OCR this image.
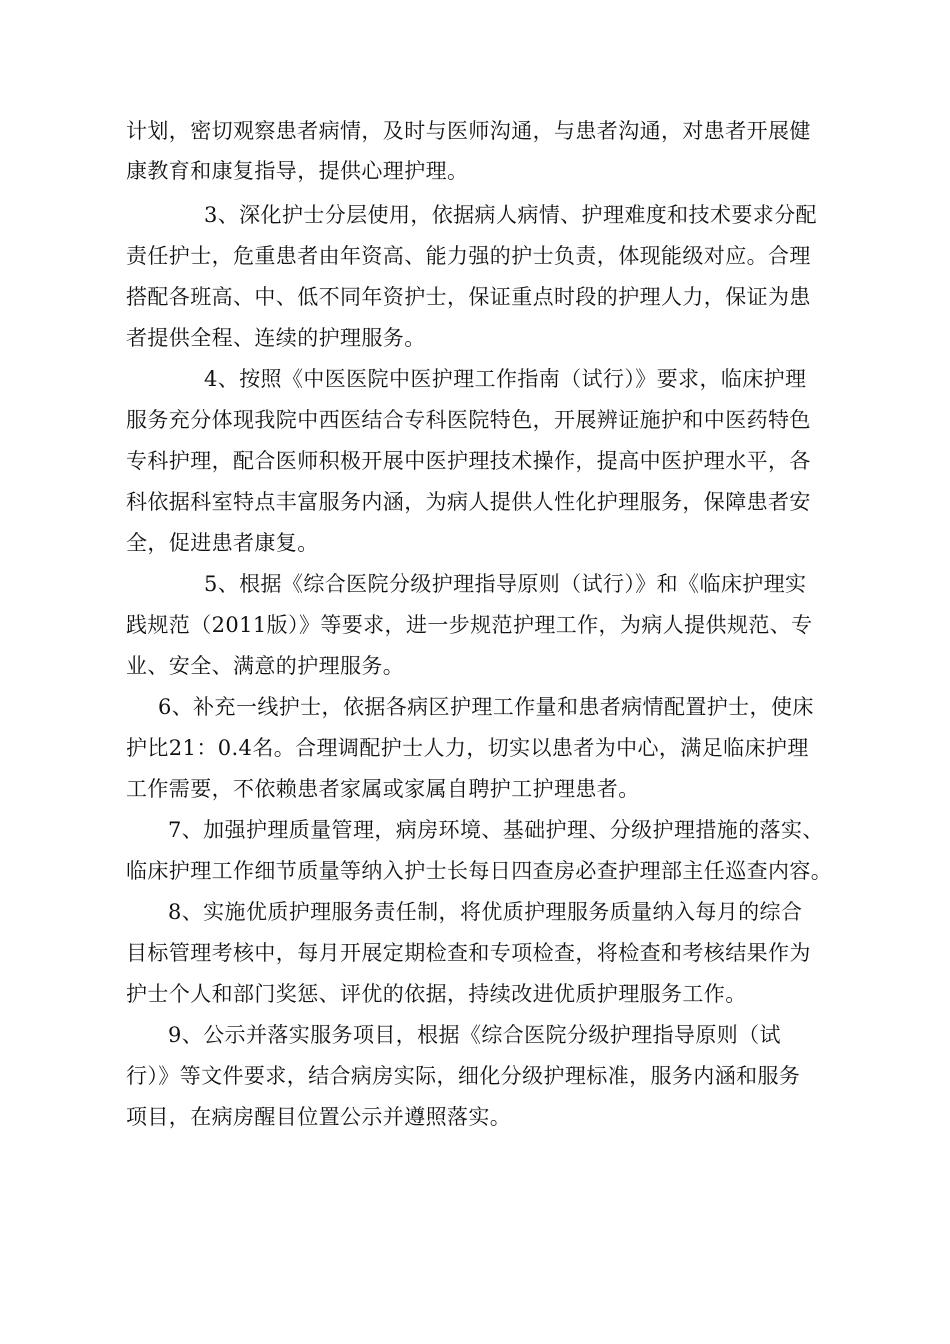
计划，密切观察患者病情，及时与医师沟通，与患者沟通，对患者开展健
康教育和康复指导，提供心理护理。
3、深化护士分层使用，依据病人病情、护理难度和技术要求分配
责任护士，危重患者由年资高、能力强的护士负责，体现能级对应。合理
搭配各班高、中、低不同年资护士，保证重点时段的护理人力，保证为患
者提供全程、连续的护理服务。
4、按照《中医医院中医护理工作指南（试行）》要求，临床护理
服务充分体现我院中西医结合专科医院特色，开展辨证施护和中医药特色
专科护理，配合医师积极开展中医护理技术操作，提高中医护理水平，各
科依据科室特点丰富服务内涵，为病人提供人性化护理服务，保障患者安
全，促进患者康复。
5、根据《综合医院分级护理指导原则（试行）》和《临床护理实
践规范（2011版）》等要求，进一步规范护理工作，为病人提供规范、专
业、安全、满意的护理服务。
6、补充一线护士，依据各病区护理工作量和患者病情配置护士，使床
护比21：0.4名。合理调配护士人力，切实以患者为中心，满足临床护理
工作需要，不依赖患者家属或家属自聘护工护理患者。
7、加强护理质量管理，病房环境、基础护理、分级护理措施的落实、
临床护理工作细节质量等纳入护士长每日四查房必查护理部主任巡查内容。
8、实施优质护理服务责任制，将优质护理服务质量纳入每月的综合
目标管理考核中，每月开展定期检查和专项检查，将检查和考核结果作为
护士个人和部门奖惩、评优的依据，持续改进优质护理服务工作。
9、公示并落实服务项目，根据《综合医院分级护理指导原则（试
行）》等文件要求，结合病房实际，细化分级护理标准，服务内涵和服务
项目，在病房醒目位置公示并遵照落实。
